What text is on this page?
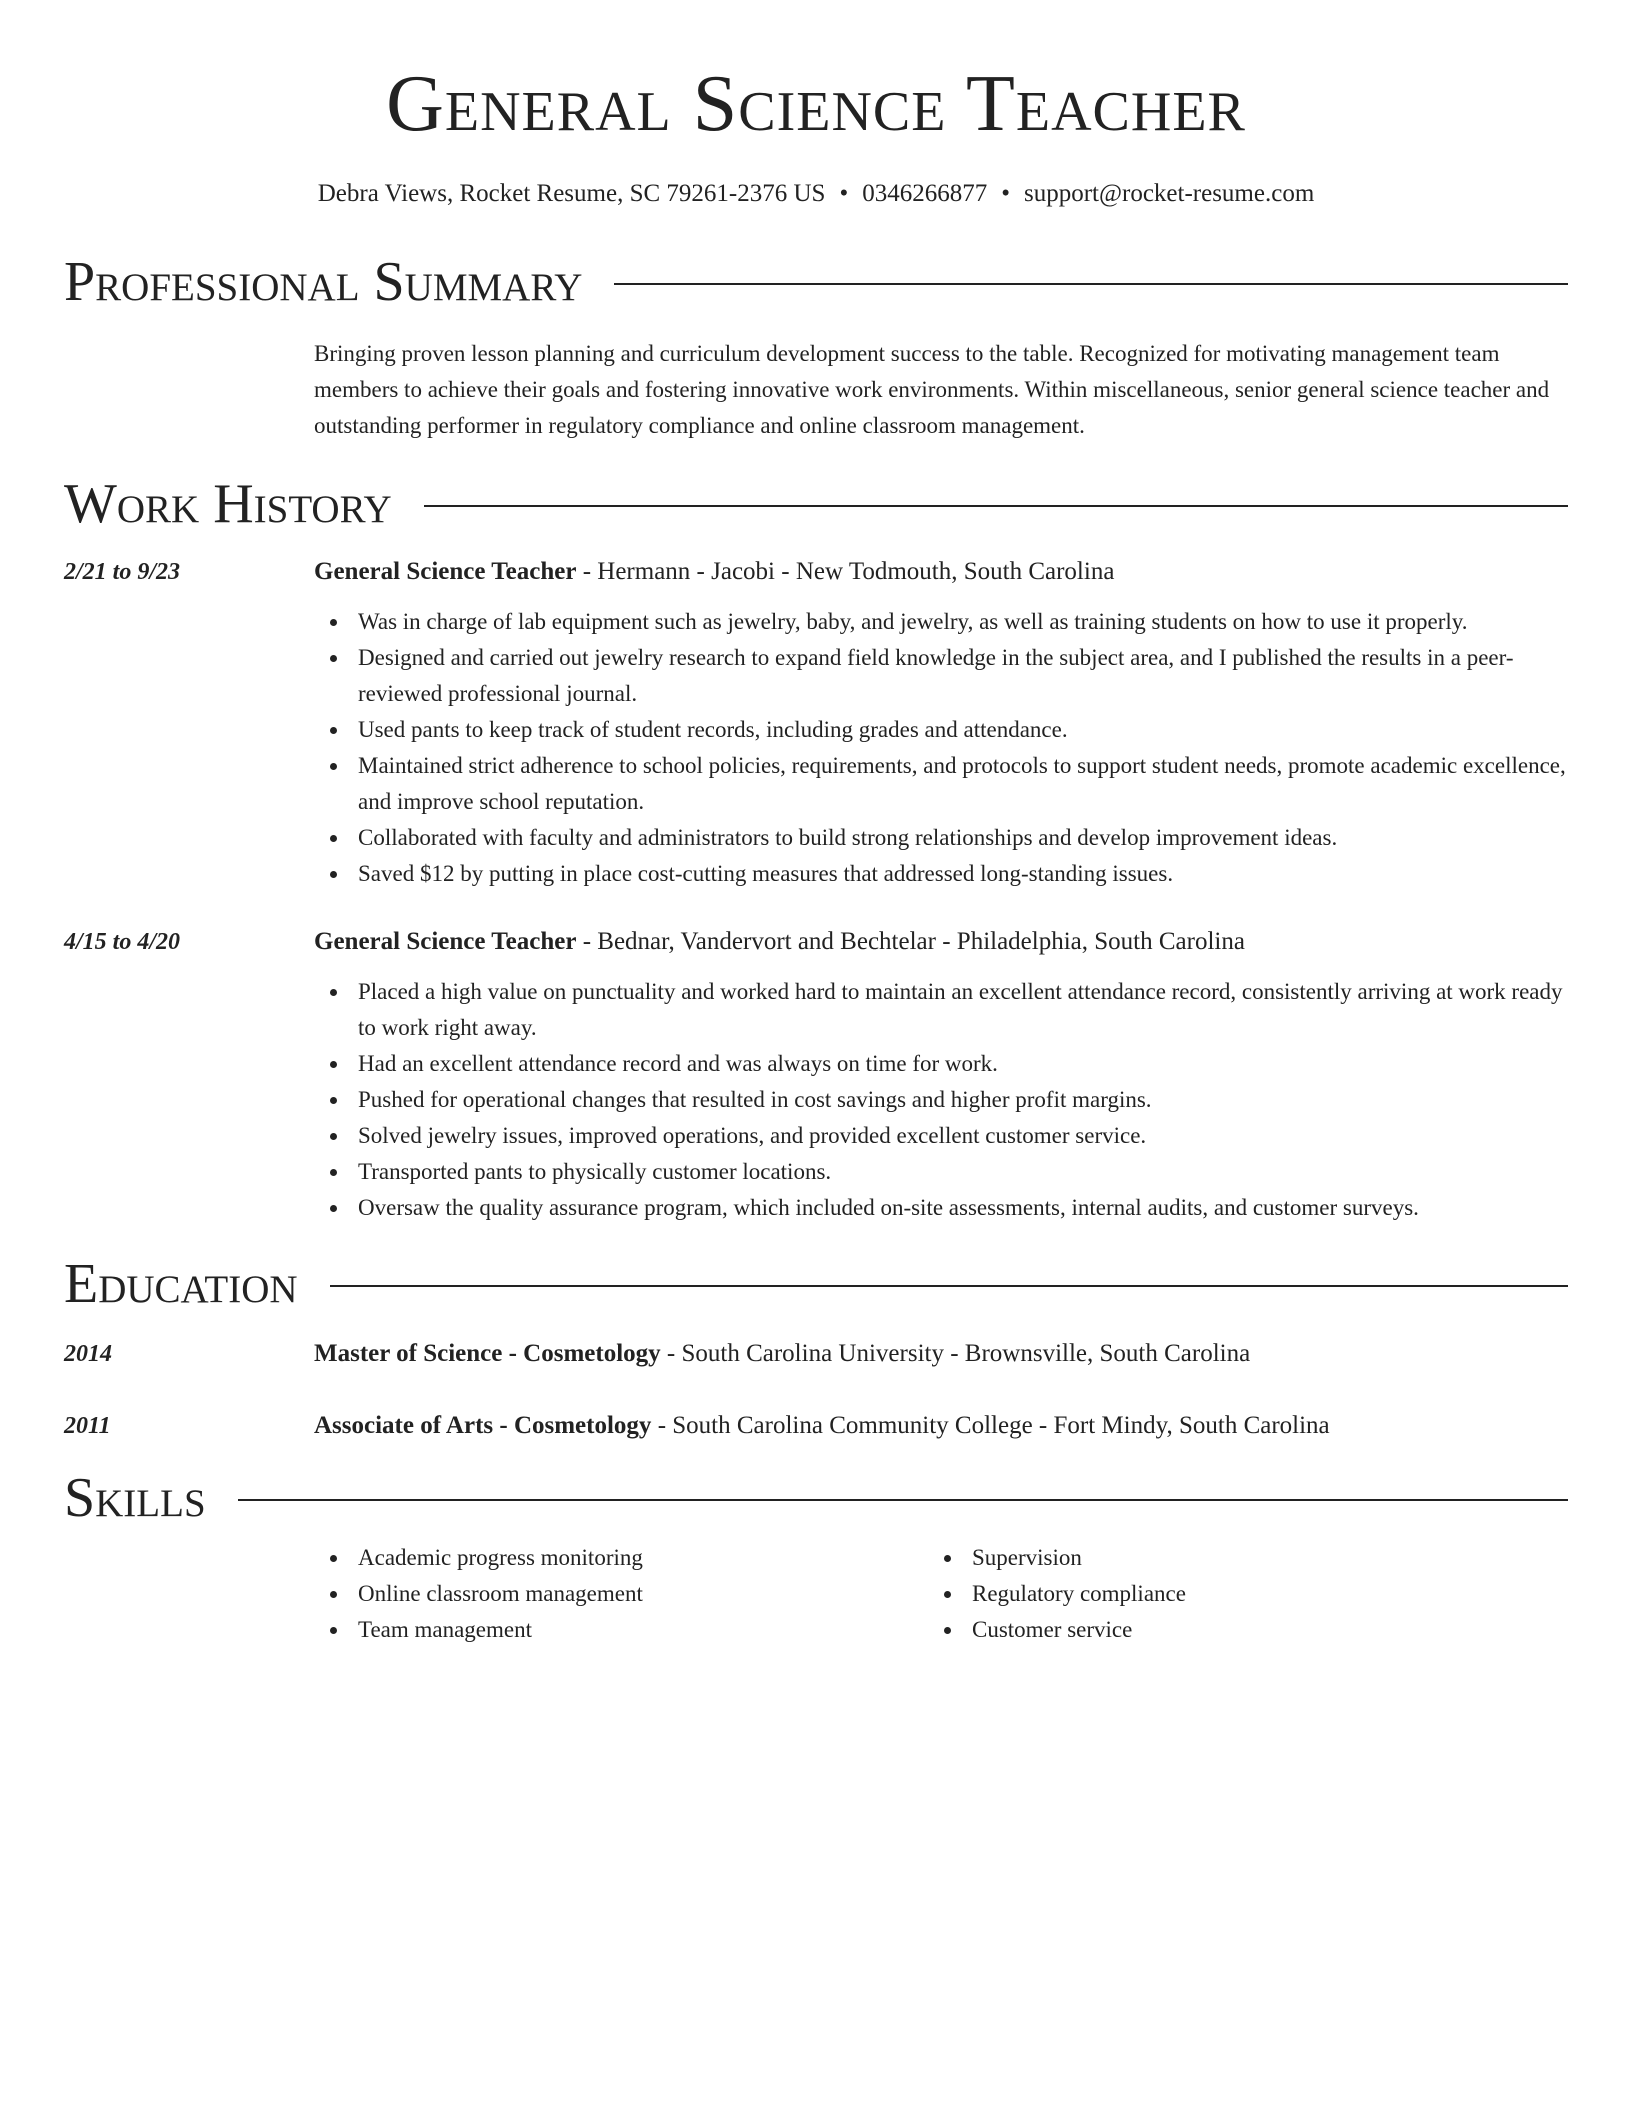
General Science Teacher
Debra Views, Rocket Resume, SC 79261-2376 US • 0346266877 • support@rocket-resume.com
Professional Summary

Bringing proven lesson planning and curriculum development success to the table. Recognized for motivating management team members to achieve their goals and fostering innovative work environments. Within miscellaneous, senior general science teacher and outstanding performer in regulatory compliance and online classroom management.

Work History
2/21 to 9/23	General Science Teacher - Hermann - Jacobi - New Todmouth, South Carolina
Was in charge of lab equipment such as jewelry, baby, and jewelry, as well as training students on how to use it properly.
Designed and carried out jewelry research to expand field knowledge in the subject area, and I published the results in a peer-reviewed professional journal.
Used pants to keep track of student records, including grades and attendance.
Maintained strict adherence to school policies, requirements, and protocols to support student needs, promote academic excellence, and improve school reputation.
Collaborated with faculty and administrators to build strong relationships and develop improvement ideas.
Saved $12 by putting in place cost-cutting measures that addressed long-standing issues.
4/15 to 4/20	General Science Teacher - Bednar, Vandervort and Bechtelar - Philadelphia, South Carolina
Placed a high value on punctuality and worked hard to maintain an excellent attendance record, consistently arriving at work ready to work right away.
Had an excellent attendance record and was always on time for work.
Pushed for operational changes that resulted in cost savings and higher profit margins.
Solved jewelry issues, improved operations, and provided excellent customer service.
Transported pants to physically customer locations.
Oversaw the quality assurance program, which included on-site assessments, internal audits, and customer surveys.
Education
2014	Master of Science - Cosmetology - South Carolina University - Brownsville, South Carolina
2011	Associate of Arts - Cosmetology - South Carolina Community College - Fort Mindy, South Carolina
Skills
Academic progress monitoring
Online classroom management
Team management
Supervision
Regulatory compliance
Customer service
